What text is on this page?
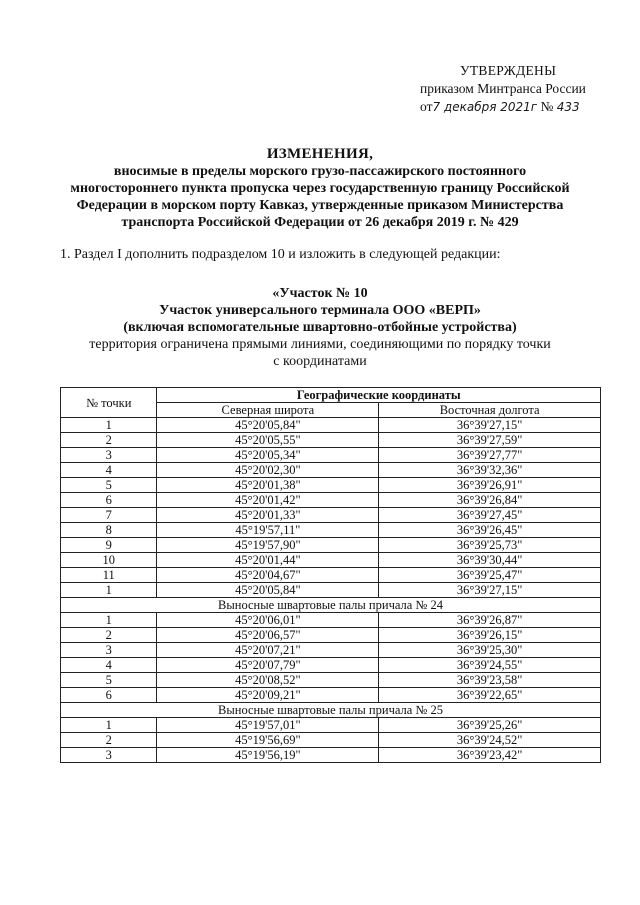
УТВЕРЖДЕНЫ
приказом Минтранса России
от7 декабря 2021г № 433
ИЗМЕНЕНИЯ,
вносимые в пределы морского грузо-пассажирского постоянного
многостороннего пункта пропуска через государственную границу Российской
Федерации в морском порту Кавказ, утвержденные приказом Министерства
транспорта Российской Федерации от 26 декабря 2019 г. № 429
1. Раздел I дополнить подразделом 10 и изложить в следующей редакции:
«Участок № 10
Участок универсального терминала ООО «ВЕРП»
(включая вспомогательные швартовно-отбойные устройства)
территория ограничена прямыми линиями, соединяющими по порядку точки
с координатами
№ точки	Географические координаты	
	Северная широта	Восточная долгота
1	45°20'05,84"	36°39'27,15"
2	45°20'05,55"	36°39'27,59"
3	45°20'05,34"	36°39'27,77"
4	45°20'02,30"	36°39'32,36"
5	45°20'01,38"	36°39'26,91"
6	45°20'01,42"	36°39'26,84"
7	45°20'01,33"	36°39'27,45"
8	45°19'57,11"	36°39'26,45"
9	45°19'57,90"	36°39'25,73"
10	45°20'01,44"	36°39'30,44"
11	45°20'04,67"	36°39'25,47"
1	45°20'05,84"	36°39'27,15"
Выносные швартовые палы причала № 24		
1	45°20'06,01"	36°39'26,87"
2	45°20'06,57"	36°39'26,15"
3	45°20'07,21"	36°39'25,30"
4	45°20'07,79"	36°39'24,55"
5	45°20'08,52"	36°39'23,58"
6	45°20'09,21"	36°39'22,65"
Выносные швартовые палы причала № 25		
1	45°19'57,01"	36°39'25,26"
2	45°19'56,69"	36°39'24,52"
3	45°19'56,19"	36°39'23,42"
